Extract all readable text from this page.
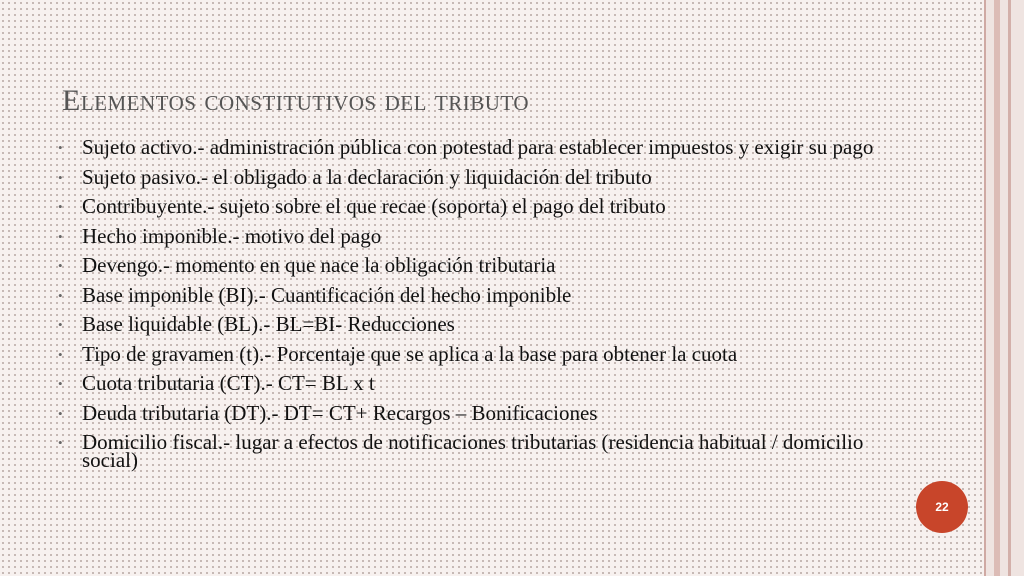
Elementos constitutivos del tributo
• Sujeto activo.- administración pública con potestad para establecer impuestos y exigir su pago
• Sujeto pasivo.- el obligado a la declaración y liquidación del tributo
• Contribuyente.- sujeto sobre el que recae (soporta) el pago del tributo
• Hecho imponible.- motivo del pago
• Devengo.- momento en que nace la obligación tributaria
• Base imponible (BI).- Cuantificación del hecho imponible
• Base liquidable (BL).- BL=BI- Reducciones
• Tipo de gravamen (t).- Porcentaje que se aplica a la base para obtener la cuota
• Cuota tributaria (CT).- CT= BL x t
• Deuda tributaria (DT).- DT= CT+ Recargos – Bonificaciones
• Domicilio fiscal.- lugar a efectos de notificaciones tributarias (residencia habitual / domicilio social)
22
